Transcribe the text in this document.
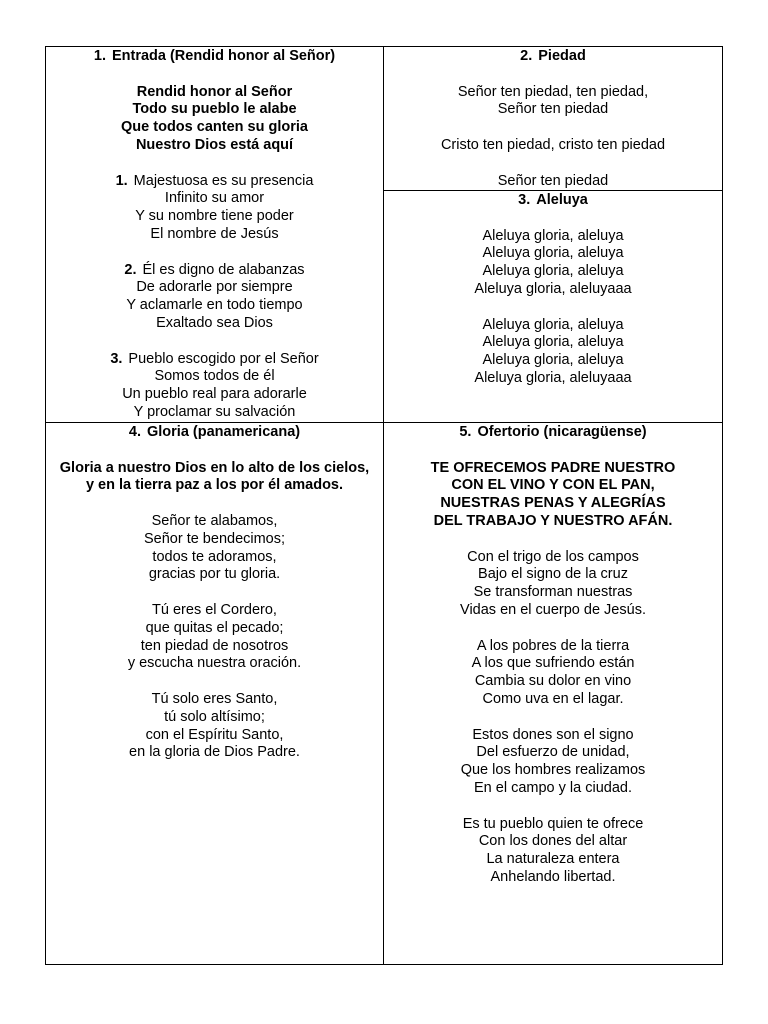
1. Entrada (Rendid honor al Señor)
Rendid honor al Señor
Todo su pueblo le alabe
Que todos canten su gloria
Nuestro Dios está aquí
1. Majestuosa es su presencia
Infinito su amor
Y su nombre tiene poder
El nombre de Jesús
2. Él es digno de alabanzas
De adorarle por siempre
Y aclamarle en todo tiempo
Exaltado sea Dios
3. Pueblo escogido por el Señor
Somos todos de él
Un pueblo real para adorarle
Y proclamar su salvación
2. Piedad
Señor ten piedad, ten piedad,
Señor ten piedad
Cristo ten piedad, cristo ten piedad
Señor ten piedad
3. Aleluya
Aleluya gloria, aleluya
Aleluya gloria, aleluya
Aleluya gloria, aleluya
Aleluya gloria, aleluyaaa
Aleluya gloria, aleluya
Aleluya gloria, aleluya
Aleluya gloria, aleluya
Aleluya gloria, aleluyaaa
4. Gloria (panamericana)
Gloria a nuestro Dios en lo alto de los cielos,
y en la tierra paz a los por él amados.
Señor te alabamos,
Señor te bendecimos;
todos te adoramos,
gracias por tu gloria.
Tú eres el Cordero,
que quitas el pecado;
ten piedad de nosotros
y escucha nuestra oración.
Tú solo eres Santo,
tú solo altísimo;
con el Espíritu Santo,
en la gloria de Dios Padre.
5. Ofertorio (nicaragüense)
TE OFRECEMOS PADRE NUESTRO
CON EL VINO Y CON EL PAN,
NUESTRAS PENAS Y ALEGRÍAS
DEL TRABAJO Y NUESTRO AFÁN.
Con el trigo de los campos
Bajo el signo de la cruz
Se transforman nuestras
Vidas en el cuerpo de Jesús.
A los pobres de la tierra
A los que sufriendo están
Cambia su dolor en vino
Como uva en el lagar.
Estos dones son el signo
Del esfuerzo de unidad,
Que los hombres realizamos
En el campo y la ciudad.
Es tu pueblo quien te ofrece
Con los dones del altar
La naturaleza entera
Anhelando libertad.
